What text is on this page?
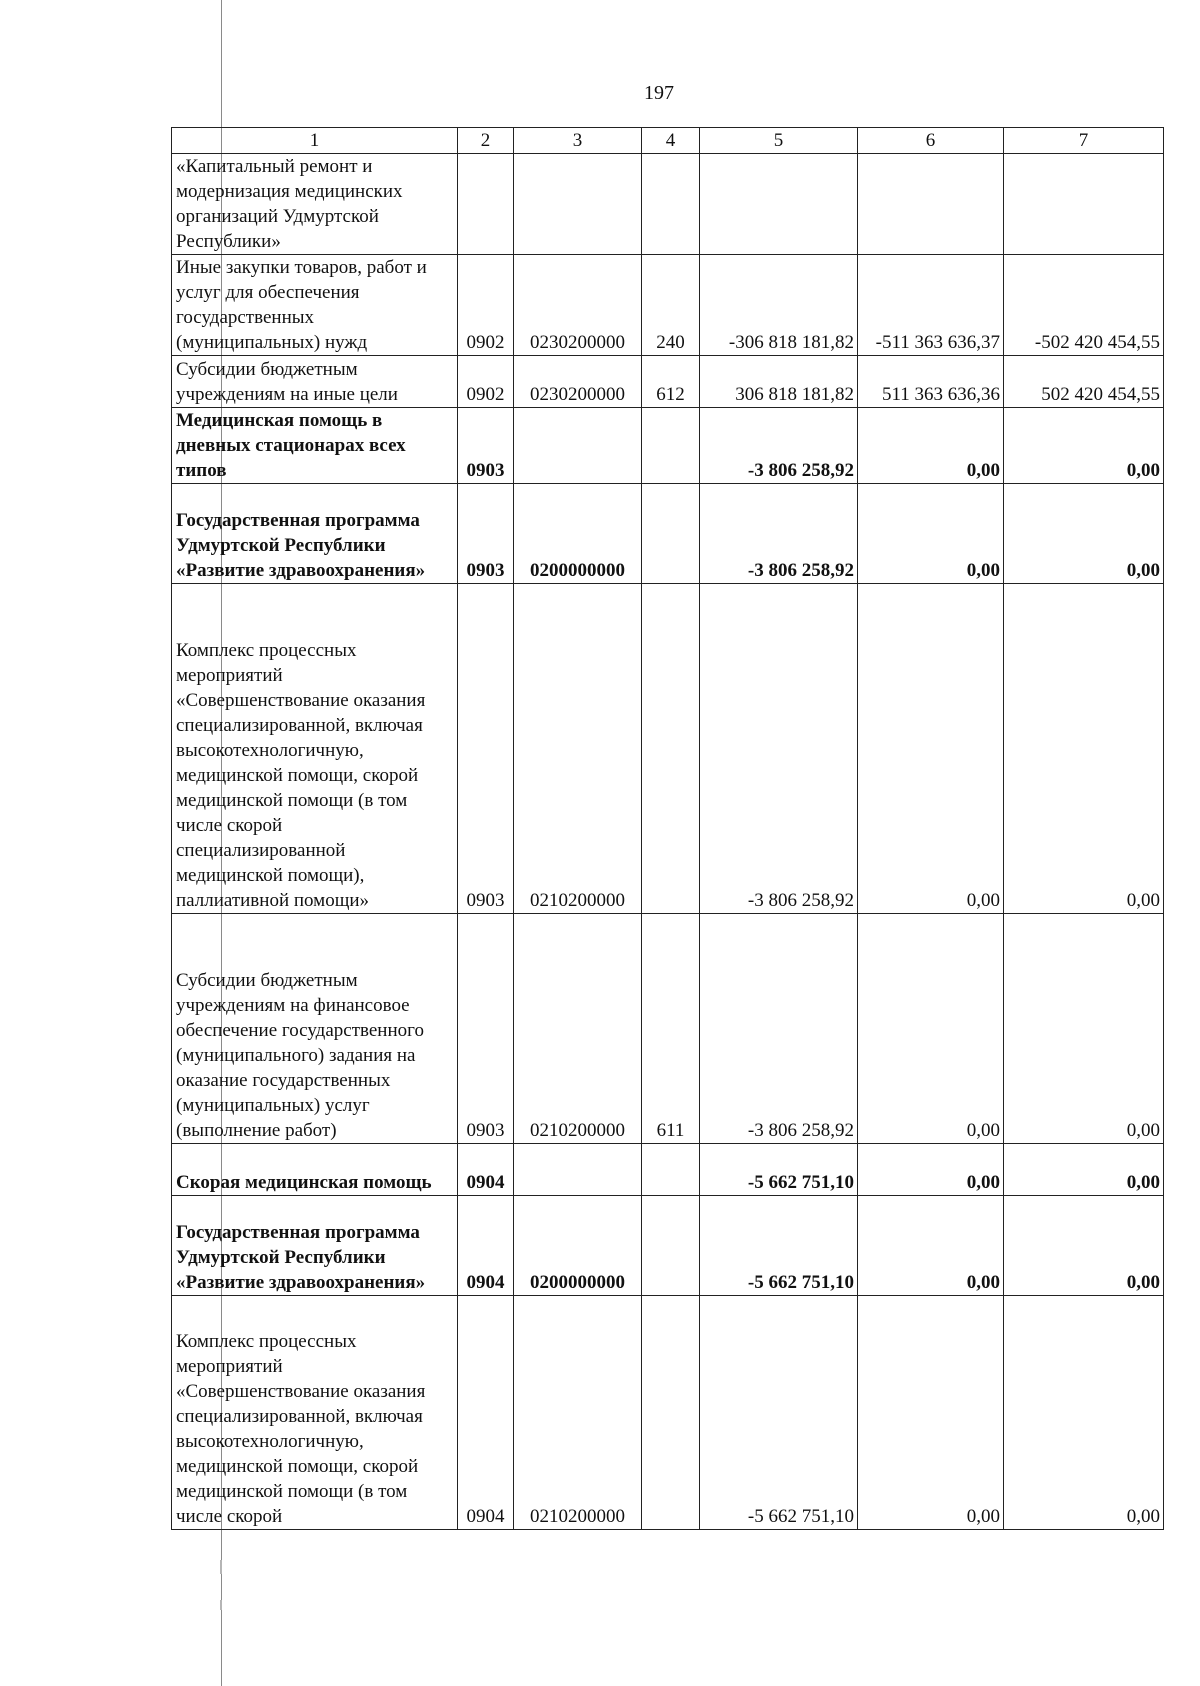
197
1	2	3	4	5	6	7
«Капитальный ремонт и модернизация медицинских организаций Удмуртской Республики»						
Иные закупки товаров, работ и услуг для обеспечения государственных (муниципальных) нужд	0902	0230200000	240	-306 818 181,82	-511 363 636,37	-502 420 454,55
Субсидии бюджетным учреждениям на иные цели	0902	0230200000	612	306 818 181,82	511 363 636,36	502 420 454,55
Медицинская помощь в дневных стационарах всех типов	0903			-3 806 258,92	0,00	0,00
Государственная программа Удмуртской Республики «Развитие здравоохранения»	0903	0200000000		-3 806 258,92	0,00	0,00
Комплекс процессных мероприятий «Совершенствование оказания специализированной, включая высокотехнологичную, медицинской помощи, скорой медицинской помощи (в том числе скорой специализированной медицинской помощи), паллиативной помощи»	0903	0210200000		-3 806 258,92	0,00	0,00
Субсидии бюджетным учреждениям на финансовое обеспечение государственного (муниципального) задания на оказание государственных (муниципальных) услуг (выполнение работ)	0903	0210200000	611	-3 806 258,92	0,00	0,00
Скорая медицинская помощь	0904			-5 662 751,10	0,00	0,00
Государственная программа Удмуртской Республики «Развитие здравоохранения»	0904	0200000000		-5 662 751,10	0,00	0,00
Комплекс процессных мероприятий «Совершенствование оказания специализированной, включая высокотехнологичную, медицинской помощи, скорой медицинской помощи (в том числе скорой	0904	0210200000		-5 662 751,10	0,00	0,00
